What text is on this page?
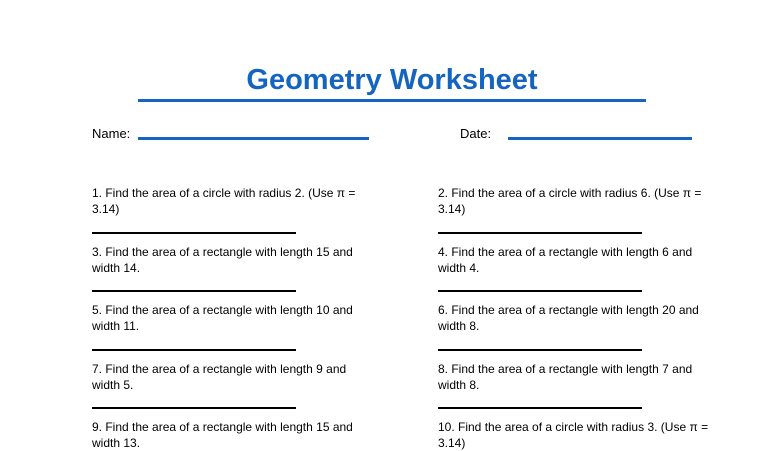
Geometry Worksheet
Name:	Date:
1. Find the area of a circle with radius 2. (Use π = 3.14)
2. Find the area of a circle with radius 6. (Use π = 3.14)
3. Find the area of a rectangle with length 15 and width 14.
4. Find the area of a rectangle with length 6 and width 4.
5. Find the area of a rectangle with length 10 and width 11.
6. Find the area of a rectangle with length 20 and width 8.
7. Find the area of a rectangle with length 9 and width 5.
8. Find the area of a rectangle with length 7 and width 8.
9. Find the area of a rectangle with length 15 and width 13.
10. Find the area of a circle with radius 3. (Use π = 3.14)
